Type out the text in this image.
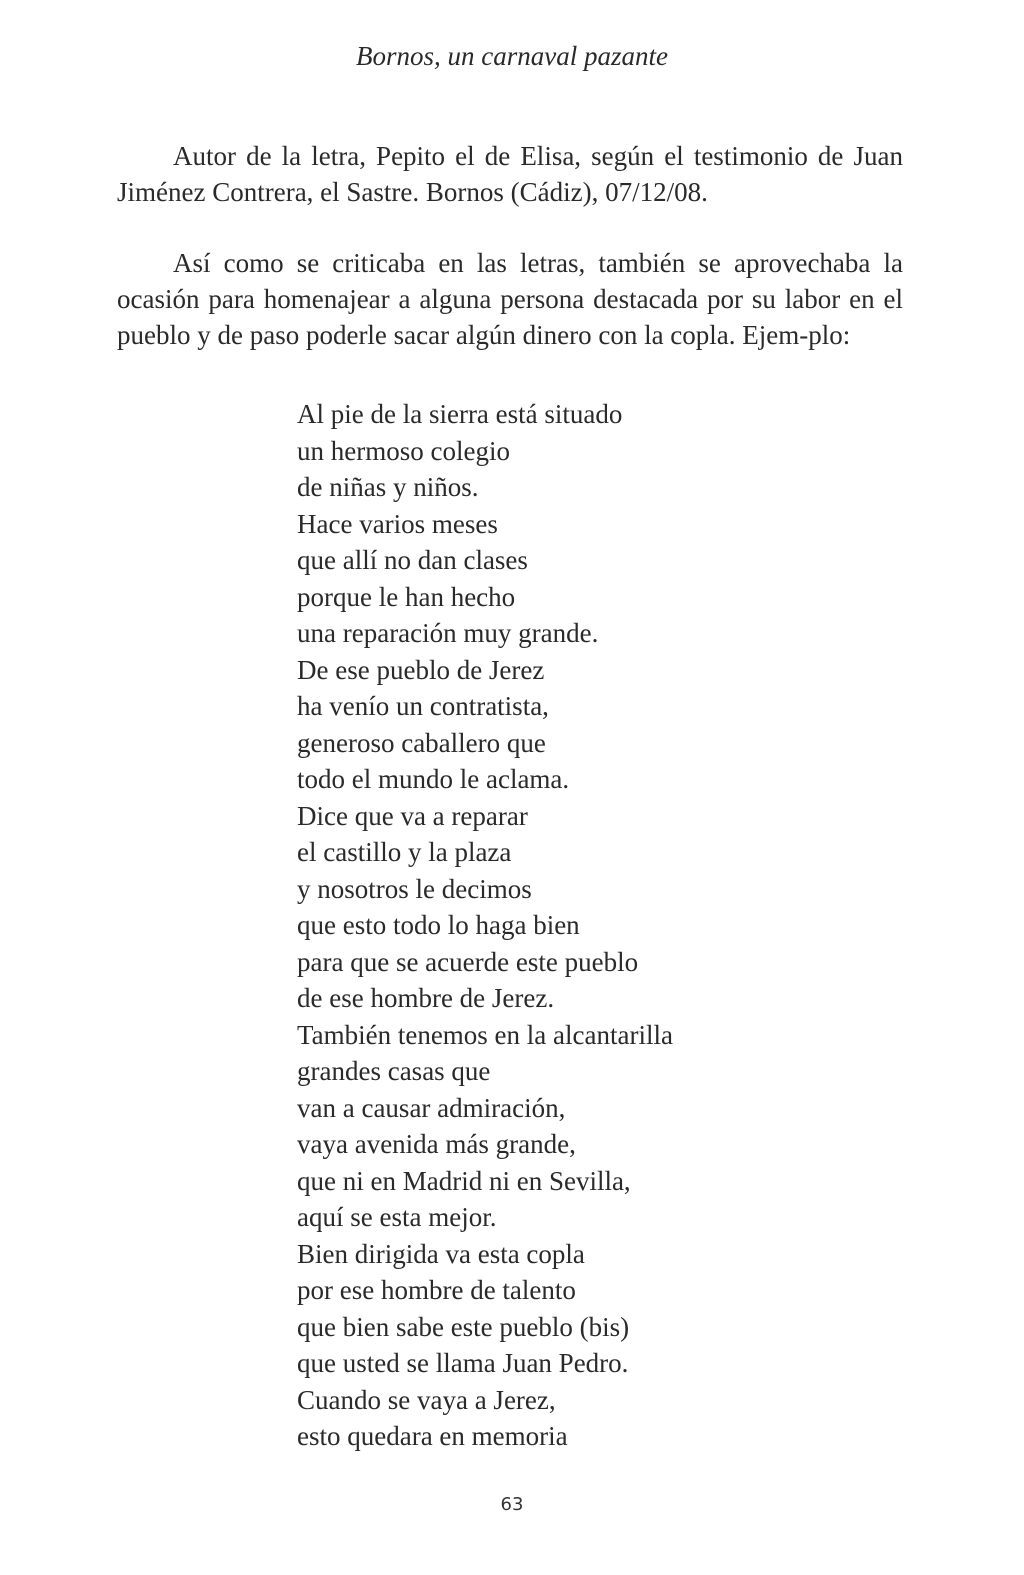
Bornos, un carnaval pazante

Autor de la letra, Pepito el de Elisa, según el testimonio de Juan Jiménez Contrera, el Sastre. Bornos (Cádiz), 07/12/08.

Así como se criticaba en las letras, también se aprovechaba la ocasión para homenajear a alguna persona destacada por su labor en el pueblo y de paso poderle sacar algún dinero con la copla. Ejem-plo:

Al pie de la sierra está situado
un hermoso colegio
de niñas y niños.
Hace varios meses
que allí no dan clases
porque le han hecho
una reparación muy grande.
De ese pueblo de Jerez
ha venío un contratista,
generoso caballero que
todo el mundo le aclama.
Dice que va a reparar
el castillo y la plaza
y nosotros le decimos
que esto todo lo haga bien
para que se acuerde este pueblo
de ese hombre de Jerez.
También tenemos en la alcantarilla
grandes casas que
van a causar admiración,
vaya avenida más grande,
que ni en Madrid ni en Sevilla,
aquí se esta mejor.
Bien dirigida va esta copla
por ese hombre de talento
que bien sabe este pueblo (bis)
que usted se llama Juan Pedro.
Cuando se vaya a Jerez,
esto quedara en memoria
63
